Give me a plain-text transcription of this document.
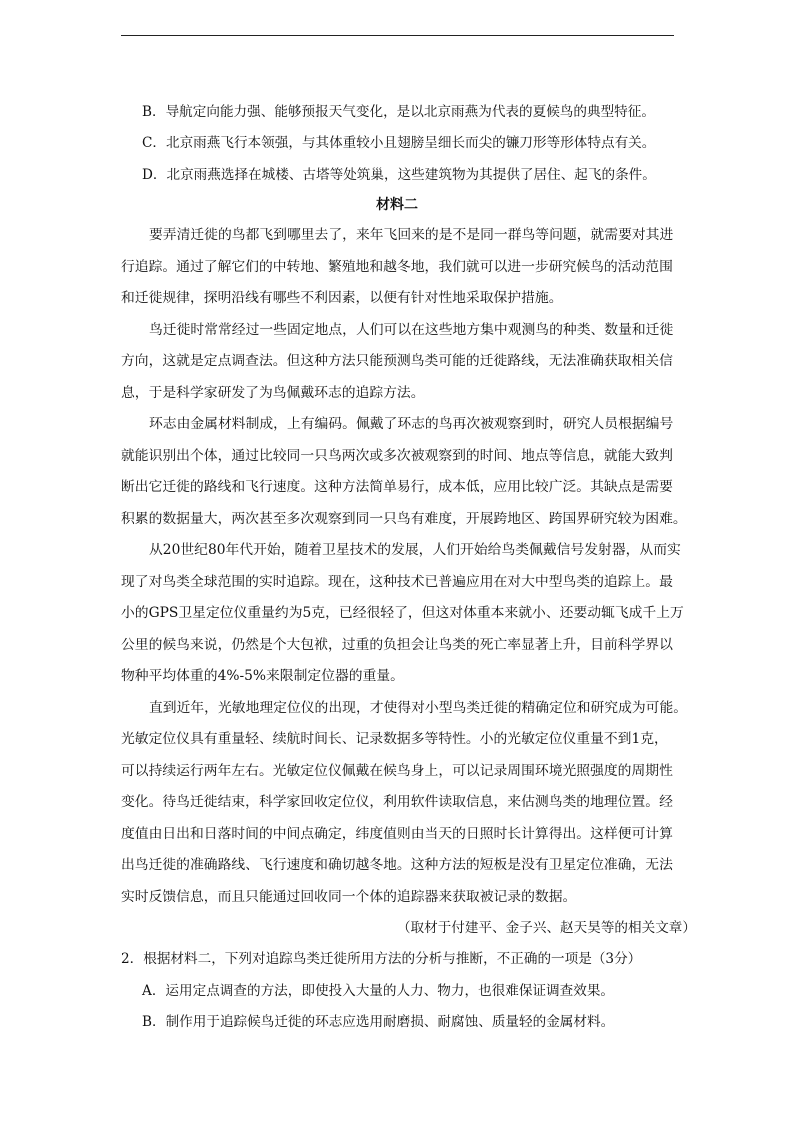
B．导航定向能力强、能够预报天气变化，是以北京雨燕为代表的夏候鸟的典型特征。
C．北京雨燕飞行本领强，与其体重较小且翅膀呈细长而尖的镰刀形等形体特点有关。
D．北京雨燕选择在城楼、古塔等处筑巢，这些建筑物为其提供了居住、起飞的条件。
材料二
要弄清迁徙的鸟都飞到哪里去了，来年飞回来的是不是同一群鸟等问题，就需要对其进
行追踪。通过了解它们的中转地、繁殖地和越冬地，我们就可以进一步研究候鸟的活动范围
和迁徙规律，探明沿线有哪些不利因素，以便有针对性地采取保护措施。
鸟迁徙时常常经过一些固定地点，人们可以在这些地方集中观测鸟的种类、数量和迁徙
方向，这就是定点调查法。但这种方法只能预测鸟类可能的迁徙路线，无法准确获取相关信
息，于是科学家研发了为鸟佩戴环志的追踪方法。
环志由金属材料制成，上有编码。佩戴了环志的鸟再次被观察到时，研究人员根据编号
就能识别出个体，通过比较同一只鸟两次或多次被观察到的时间、地点等信息，就能大致判
断出它迁徙的路线和飞行速度。这种方法简单易行，成本低，应用比较广泛。其缺点是需要
积累的数据量大，两次甚至多次观察到同一只鸟有难度，开展跨地区、跨国界研究较为困难。
从20世纪80年代开始，随着卫星技术的发展，人们开始给鸟类佩戴信号发射器，从而实
现了对鸟类全球范围的实时追踪。现在，这种技术已普遍应用在对大中型鸟类的追踪上。最
小的GPS卫星定位仪重量约为5克，已经很轻了，但这对体重本来就小、还要动辄飞成千上万
公里的候鸟来说，仍然是个大包袱，过重的负担会让鸟类的死亡率显著上升，目前科学界以
物种平均体重的4%-5%来限制定位器的重量。
直到近年，光敏地理定位仪的出现，才使得对小型鸟类迁徙的精确定位和研究成为可能。
光敏定位仪具有重量轻、续航时间长、记录数据多等特性。小的光敏定位仪重量不到1克，
可以持续运行两年左右。光敏定位仪佩戴在候鸟身上，可以记录周围环境光照强度的周期性
变化。待鸟迁徙结束，科学家回收定位仪，利用软件读取信息，来估测鸟类的地理位置。经
度值由日出和日落时间的中间点确定，纬度值则由当天的日照时长计算得出。这样便可计算
出鸟迁徙的准确路线、飞行速度和确切越冬地。这种方法的短板是没有卫星定位准确，无法
实时反馈信息，而且只能通过回收同一个体的追踪器来获取被记录的数据。
（取材于付建平、金子兴、赵天昊等的相关文章）
2．根据材料二，下列对追踪鸟类迁徙所用方法的分析与推断，不正确的一项是（3分）
A．运用定点调查的方法，即使投入大量的人力、物力，也很难保证调查效果。
B．制作用于追踪候鸟迁徙的环志应选用耐磨损、耐腐蚀、质量轻的金属材料。
